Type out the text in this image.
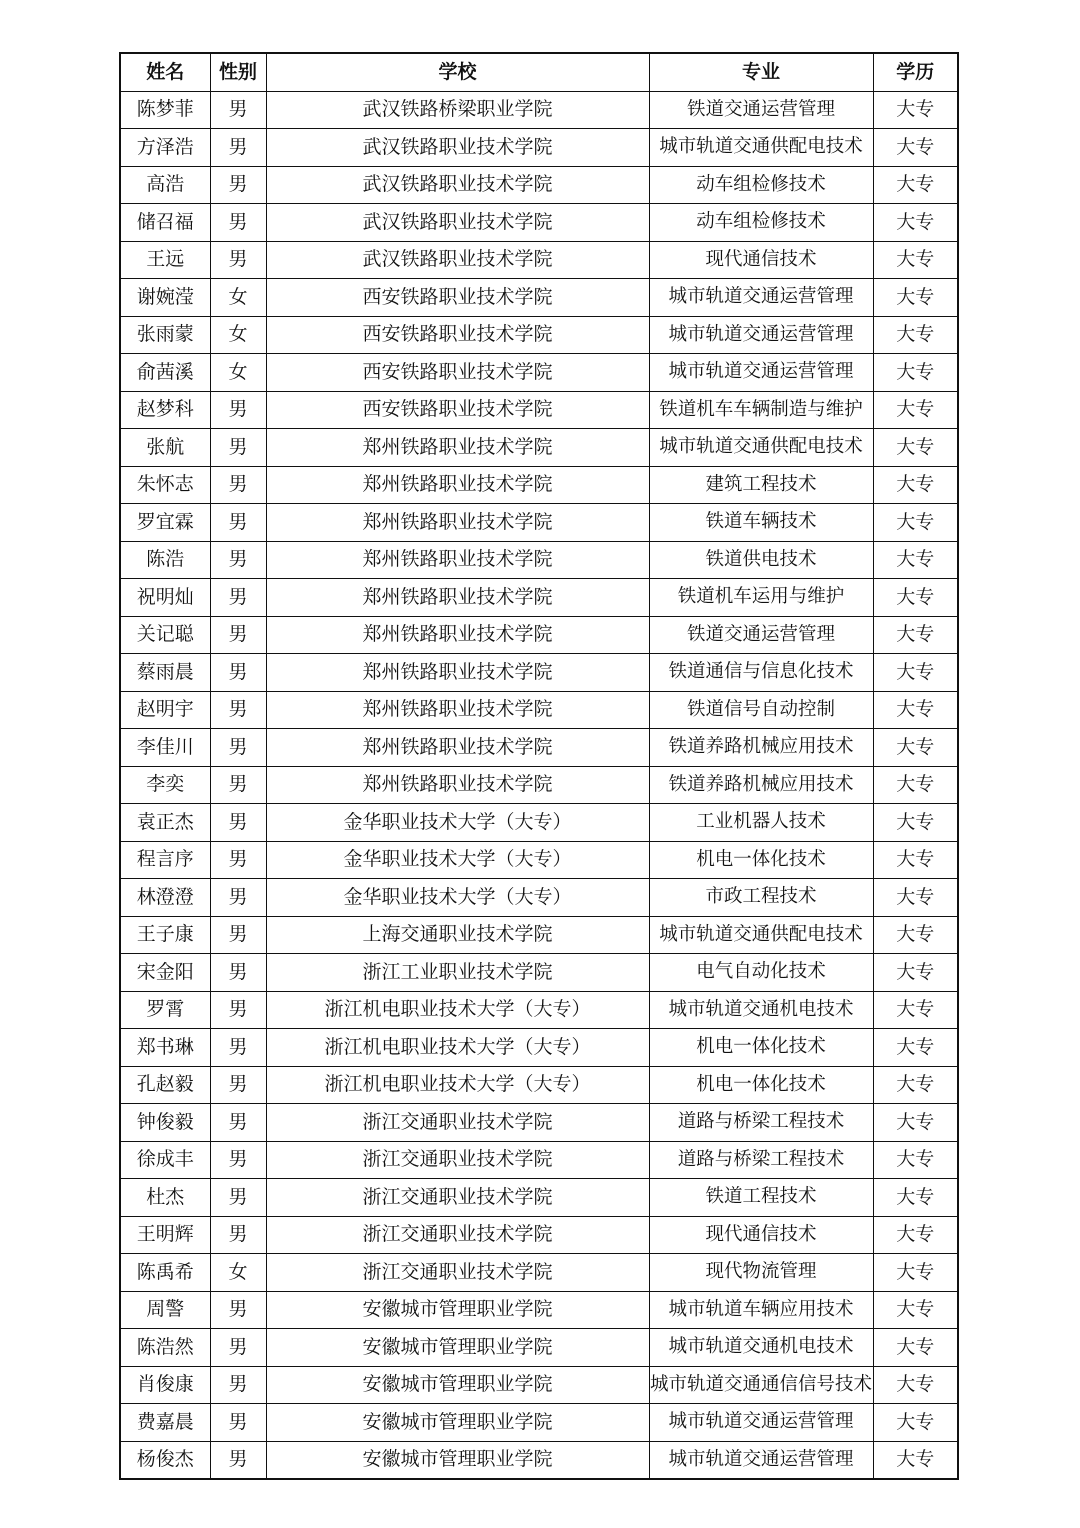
姓名	性别	学校	专业	学历
陈梦菲	男	武汉铁路桥梁职业学院	铁道交通运营管理	大专
方泽浩	男	武汉铁路职业技术学院	城市轨道交通供配电技术	大专
高浩	男	武汉铁路职业技术学院	动车组检修技术	大专
储召福	男	武汉铁路职业技术学院	动车组检修技术	大专
王远	男	武汉铁路职业技术学院	现代通信技术	大专
谢婉滢	女	西安铁路职业技术学院	城市轨道交通运营管理	大专
张雨蒙	女	西安铁路职业技术学院	城市轨道交通运营管理	大专
俞茜溪	女	西安铁路职业技术学院	城市轨道交通运营管理	大专
赵梦科	男	西安铁路职业技术学院	铁道机车车辆制造与维护	大专
张航	男	郑州铁路职业技术学院	城市轨道交通供配电技术	大专
朱怀志	男	郑州铁路职业技术学院	建筑工程技术	大专
罗宜霖	男	郑州铁路职业技术学院	铁道车辆技术	大专
陈浩	男	郑州铁路职业技术学院	铁道供电技术	大专
祝明灿	男	郑州铁路职业技术学院	铁道机车运用与维护	大专
关记聪	男	郑州铁路职业技术学院	铁道交通运营管理	大专
蔡雨晨	男	郑州铁路职业技术学院	铁道通信与信息化技术	大专
赵明宇	男	郑州铁路职业技术学院	铁道信号自动控制	大专
李佳川	男	郑州铁路职业技术学院	铁道养路机械应用技术	大专
李奕	男	郑州铁路职业技术学院	铁道养路机械应用技术	大专
袁正杰	男	金华职业技术大学（大专）	工业机器人技术	大专
程言序	男	金华职业技术大学（大专）	机电一体化技术	大专
林澄澄	男	金华职业技术大学（大专）	市政工程技术	大专
王子康	男	上海交通职业技术学院	城市轨道交通供配电技术	大专
宋金阳	男	浙江工业职业技术学院	电气自动化技术	大专
罗霄	男	浙江机电职业技术大学（大专）	城市轨道交通机电技术	大专
郑书琳	男	浙江机电职业技术大学（大专）	机电一体化技术	大专
孔赵毅	男	浙江机电职业技术大学（大专）	机电一体化技术	大专
钟俊毅	男	浙江交通职业技术学院	道路与桥梁工程技术	大专
徐成丰	男	浙江交通职业技术学院	道路与桥梁工程技术	大专
杜杰	男	浙江交通职业技术学院	铁道工程技术	大专
王明辉	男	浙江交通职业技术学院	现代通信技术	大专
陈禹希	女	浙江交通职业技术学院	现代物流管理	大专
周警	男	安徽城市管理职业学院	城市轨道车辆应用技术	大专
陈浩然	男	安徽城市管理职业学院	城市轨道交通机电技术	大专
肖俊康	男	安徽城市管理职业学院	城市轨道交通通信信号技术	大专
费嘉晨	男	安徽城市管理职业学院	城市轨道交通运营管理	大专
杨俊杰	男	安徽城市管理职业学院	城市轨道交通运营管理	大专
